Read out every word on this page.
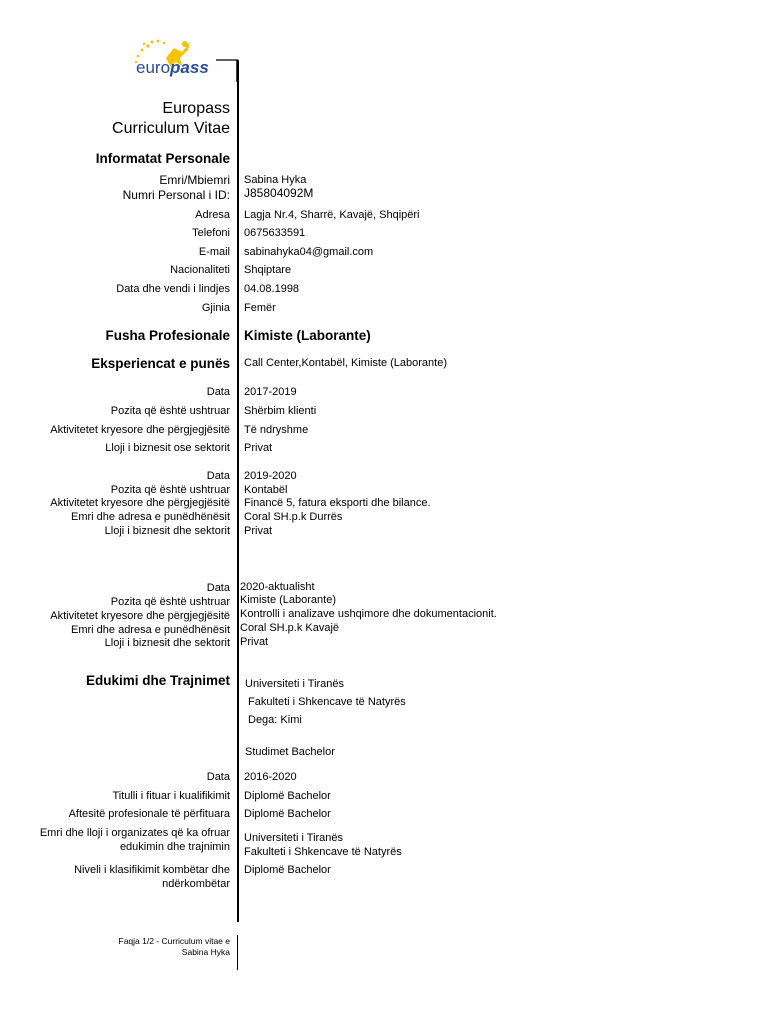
europass
Europass
Curriculum Vitae
Informatat Personale
Emri/Mbiemri Sabina Hyka
Numri Personal i ID: J85804092M
Adresa Lagja Nr.4, Sharrë, Kavajë, Shqipëri
Telefoni 0675633591
E-mail sabinahyka04@gmail.com
Nacionaliteti Shqiptare
Data dhe vendi i lindjes 04.08.1998
Gjinia Femër
Fusha Profesionale Kimiste (Laborante)
Eksperiencat e punës Call Center,Kontabël, Kimiste (Laborante)
Data 2017-2019
Pozita që është ushtruar Shërbim klienti
Aktivitetet kryesore dhe përgjegjësitë Të ndryshme
Lloji i biznesit ose sektorit Privat
Data 2019-2020
Pozita që është ushtruar Kontabël
Aktivitetet kryesore dhe përgjegjësitë Financë 5, fatura eksporti dhe bilance.
Emri dhe adresa e punëdhënësit Coral SH.p.k Durrës
Lloji i biznesit dhe sektorit Privat
Data 2020-aktualisht
Pozita që është ushtruar Kimiste (Laborante)
Aktivitetet kryesore dhe përgjegjësitë Kontrolli i analizave ushqimore dhe dokumentacionit.
Emri dhe adresa e punëdhënësit Coral SH.p.k Kavajë
Lloji i biznesit dhe sektorit Privat
Edukimi dhe Trajnimet Universiteti i Tiranës
Fakulteti i Shkencave të Natyrës
Dega: Kimi
Studimet Bachelor
Data 2016-2020
Titulli i fituar i kualifikimit Diplomë Bachelor
Aftesitë profesionale të përfituara Diplomë Bachelor
Emri dhe lloji i organizates që ka ofruar
edukimin dhe trajnimin
Universiteti i Tiranës
Fakulteti i Shkencave të Natyrës
Niveli i klasifikimit kombëtar dhe
ndërkombëtar
Diplomë Bachelor
Faqja 1/2 - Curriculum vitae e
Sabina Hyka
